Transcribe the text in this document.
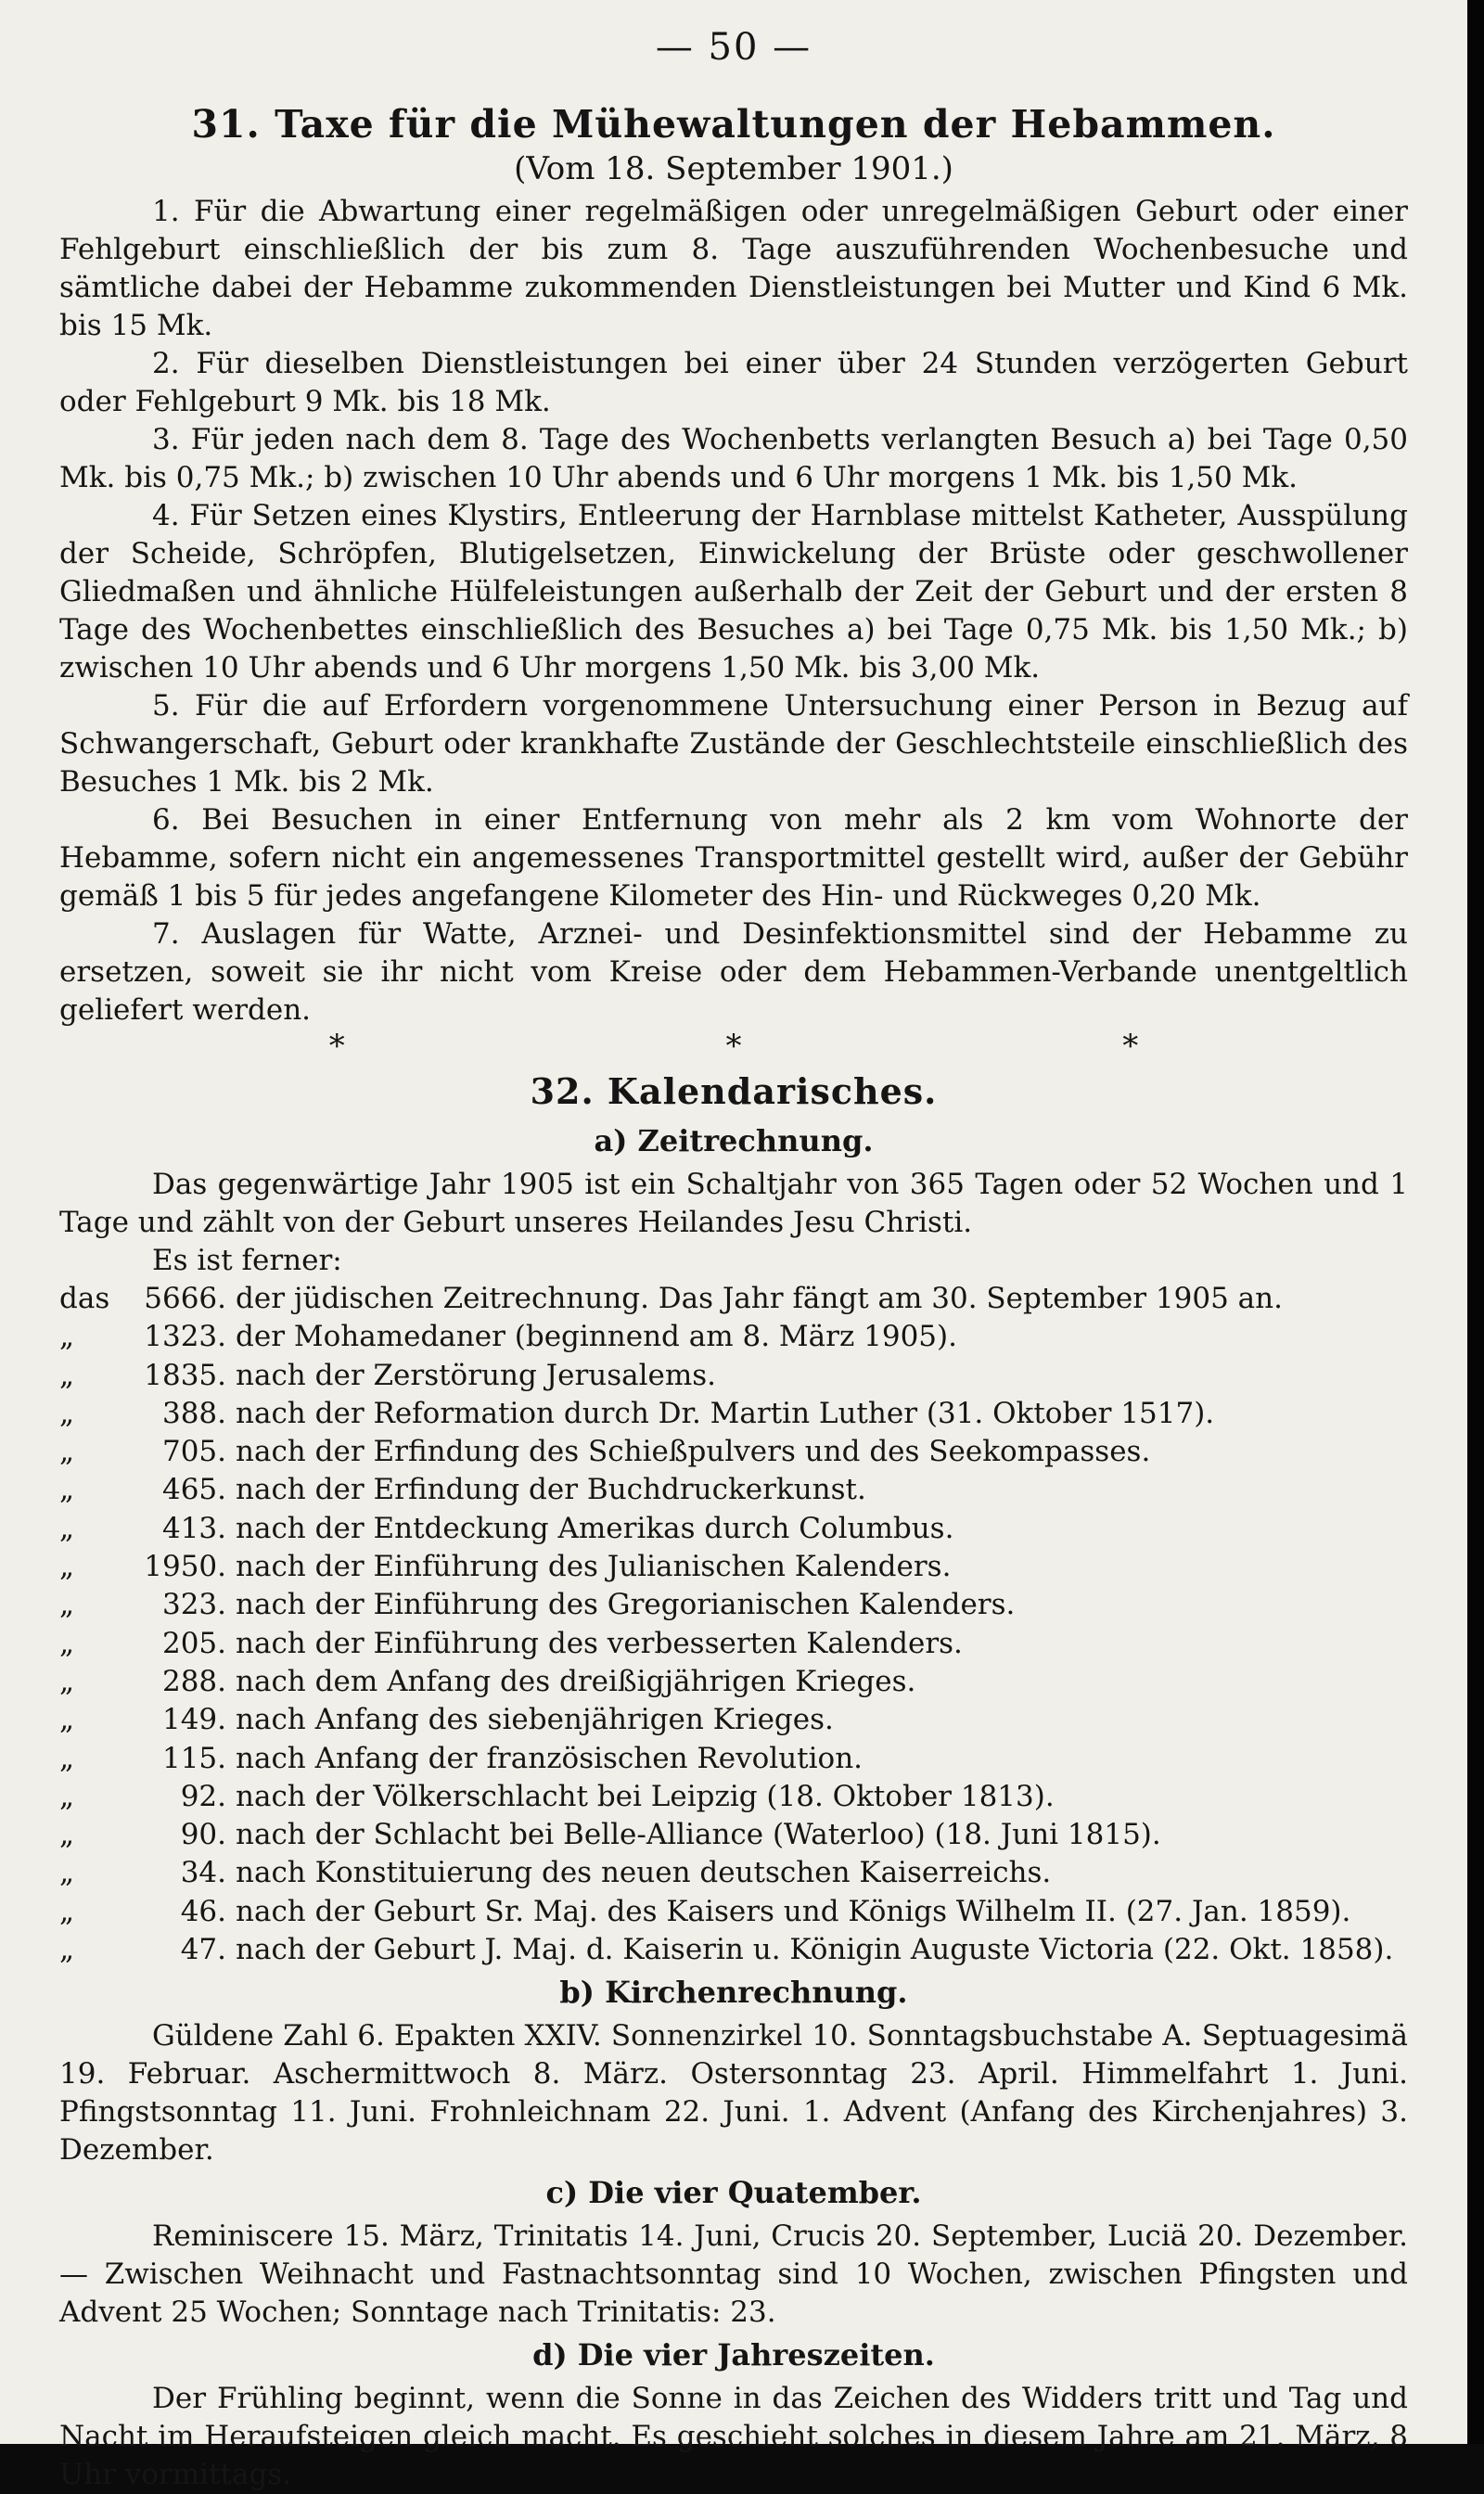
— 50 —
31. Taxe für die Mühewaltungen der Hebammen.
(Vom 18. September 1901.)

1. Für die Abwartung einer regelmäßigen oder unregelmäßigen Geburt oder einer Fehlgeburt einschließlich der bis zum 8. Tage auszuführenden Wochenbesuche und sämtliche dabei der Hebamme zukommenden Dienstleistungen bei Mutter und Kind 6 Mk. bis 15 Mk.

2. Für dieselben Dienstleistungen bei einer über 24 Stunden verzögerten Geburt oder Fehlgeburt 9 Mk. bis 18 Mk.

3. Für jeden nach dem 8. Tage des Wochenbetts verlangten Besuch a) bei Tage 0,50 Mk. bis 0,75 Mk.; b) zwischen 10 Uhr abends und 6 Uhr morgens 1 Mk. bis 1,50 Mk.

4. Für Setzen eines Klystirs, Entleerung der Harnblase mittelst Katheter, Ausspülung der Scheide, Schröpfen, Blutigelsetzen, Einwickelung der Brüste oder geschwollener Gliedmaßen und ähnliche Hülfeleistungen außerhalb der Zeit der Geburt und der ersten 8 Tage des Wochenbettes einschließlich des Besuches a) bei Tage 0,75 Mk. bis 1,50 Mk.; b) zwischen 10 Uhr abends und 6 Uhr morgens 1,50 Mk. bis 3,00 Mk.

5. Für die auf Erfordern vorgenommene Untersuchung einer Person in Bezug auf Schwangerschaft, Geburt oder krankhafte Zustände der Geschlechtsteile einschließlich des Besuches 1 Mk. bis 2 Mk.

6. Bei Besuchen in einer Entfernung von mehr als 2 km vom Wohnorte der Hebamme, sofern nicht ein angemessenes Transportmittel gestellt wird, außer der Gebühr gemäß 1 bis 5 für jedes angefangene Kilometer des Hin- und Rückweges 0,20 Mk.

7. Auslagen für Watte, Arznei- und Desinfektionsmittel sind der Hebamme zu ersetzen, soweit sie ihr nicht vom Kreise oder dem Hebammen-Verbande unentgeltlich geliefert werden.

* * *
32. Kalendarisches.
a) Zeitrechnung.

Das gegenwärtige Jahr 1905 ist ein Schaltjahr von 365 Tagen oder 52 Wochen und 1 Tage und zählt von der Geburt unseres Heilandes Jesu Christi.

Es ist ferner:

das	5666. der jüdischen Zeitrechnung. Das Jahr fängt am 30. September 1905 an.
„	1323. der Mohamedaner (beginnend am 8. März 1905).
„	1835. nach der Zerstörung Jerusalems.
„	388. nach der Reformation durch Dr. Martin Luther (31. Oktober 1517).
„	705. nach der Erfindung des Schießpulvers und des Seekompasses.
„	465. nach der Erfindung der Buchdruckerkunst.
„	413. nach der Entdeckung Amerikas durch Columbus.
„	1950. nach der Einführung des Julianischen Kalenders.
„	323. nach der Einführung des Gregorianischen Kalenders.
„	205. nach der Einführung des verbesserten Kalenders.
„	288. nach dem Anfang des dreißigjährigen Krieges.
„	149. nach Anfang des siebenjährigen Krieges.
„	115. nach Anfang der französischen Revolution.
„	92. nach der Völkerschlacht bei Leipzig (18. Oktober 1813).
„	90. nach der Schlacht bei Belle-Alliance (Waterloo) (18. Juni 1815).
„	34. nach Konstituierung des neuen deutschen Kaiserreichs.
„	46. nach der Geburt Sr. Maj. des Kaisers und Königs Wilhelm II. (27. Jan. 1859).
„	47. nach der Geburt J. Maj. d. Kaiserin u. Königin Auguste Victoria (22. Okt. 1858).
b) Kirchenrechnung.

Güldene Zahl 6. Epakten XXIV. Sonnenzirkel 10. Sonntagsbuchstabe A. Septuagesimä 19. Februar. Aschermittwoch 8. März. Ostersonntag 23. April. Himmelfahrt 1. Juni. Pfingstsonntag 11. Juni. Frohnleichnam 22. Juni. 1. Advent (Anfang des Kirchenjahres) 3. Dezember.

c) Die vier Quatember.

Reminiscere 15. März, Trinitatis 14. Juni, Crucis 20. September, Luciä 20. Dezember. — Zwischen Weihnacht und Fastnachtsonntag sind 10 Wochen, zwischen Pfingsten und Advent 25 Wochen; Sonntage nach Trinitatis: 23.

d) Die vier Jahreszeiten.

Der Frühling beginnt, wenn die Sonne in das Zeichen des Widders tritt und Tag und Nacht im Heraufsteigen gleich macht. Es geschieht solches in diesem Jahre am 21. März, 8 Uhr vormittags.
